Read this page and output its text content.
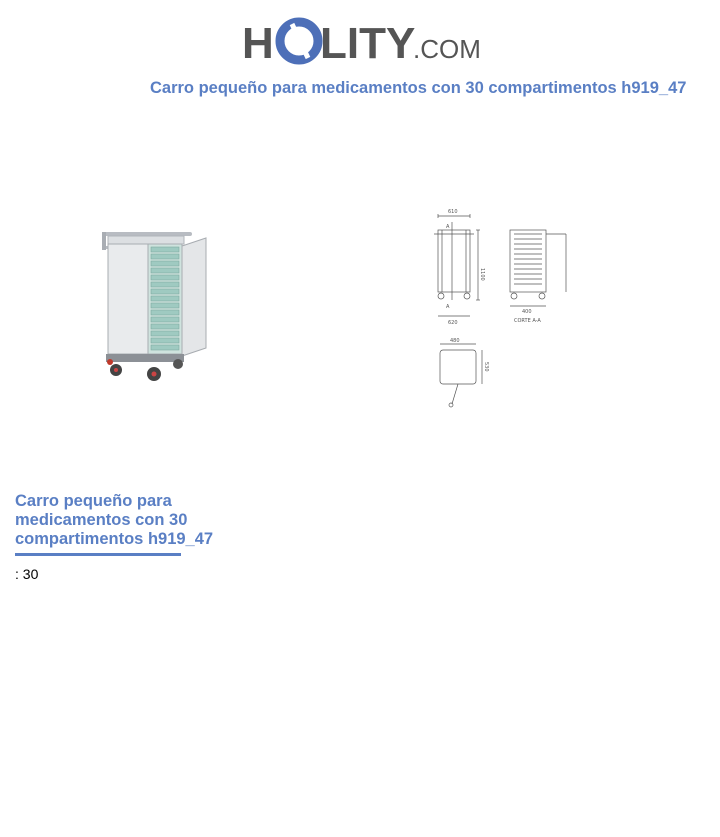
H LITY
.COM
Carro pequeño para medicamentos con 30 compartimentos h919_47
610
1100
620
400
CORTE A-A
480
530
A
A
Carro pequeño para medicamentos con 30 compartimentos h919_47
: 30
